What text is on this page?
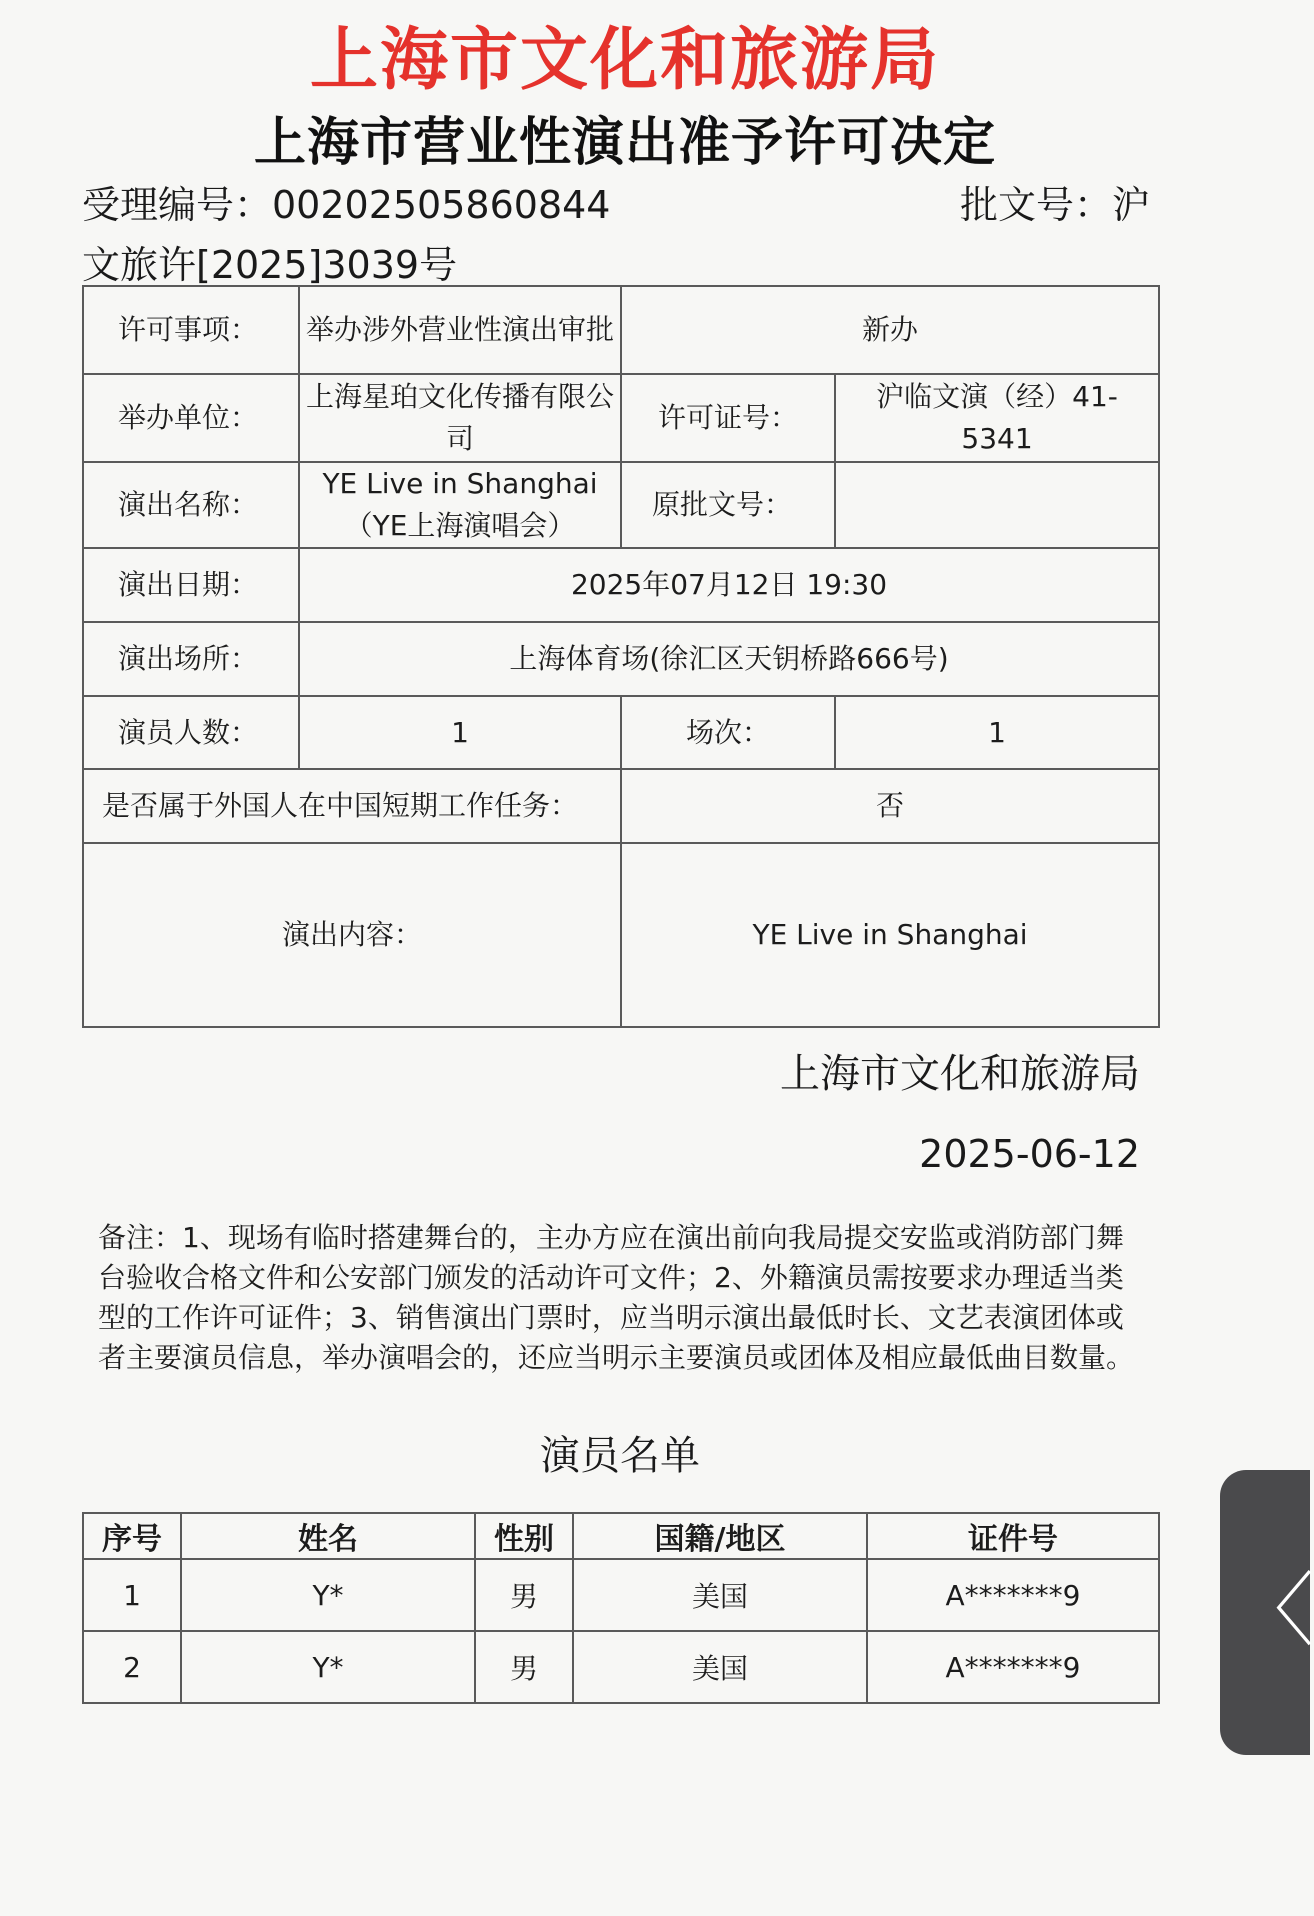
上海市文化和旅游局
上海市营业性演出准予许可决定
受理编号：00202505860844	批文号：沪
文旅许[2025]3039号
许可事项：	举办涉外营业性演出审批	新办	
举办单位：	上海星珀文化传播有限公司	许可证号：	沪临文演（经）41-5341
演出名称：	YE Live in Shanghai（YE上海演唱会）	原批文号：	
演出日期：	2025年07月12日 19:30		
演出场所：	上海体育场(徐汇区天钥桥路666号)		
演员人数：	1	场次：	1
是否属于外国人在中国短期工作任务：		否	
演出内容：		YE Live in Shanghai	
上海市文化和旅游局
2025-06-12

备注：1、现场有临时搭建舞台的，主办方应在演出前向我局提交安监或消防部门舞台验收合格文件和公安部门颁发的活动许可文件；2、外籍演员需按要求办理适当类型的工作许可证件；3、销售演出门票时，应当明示演出最低时长、文艺表演团体或者主要演员信息，举办演唱会的，还应当明示主要演员或团体及相应最低曲目数量。

演员名单
序号	姓名	性别	国籍/地区	证件号
1	Y*	男	美国	A*******9
2	Y*	男	美国	A*******9
〈
